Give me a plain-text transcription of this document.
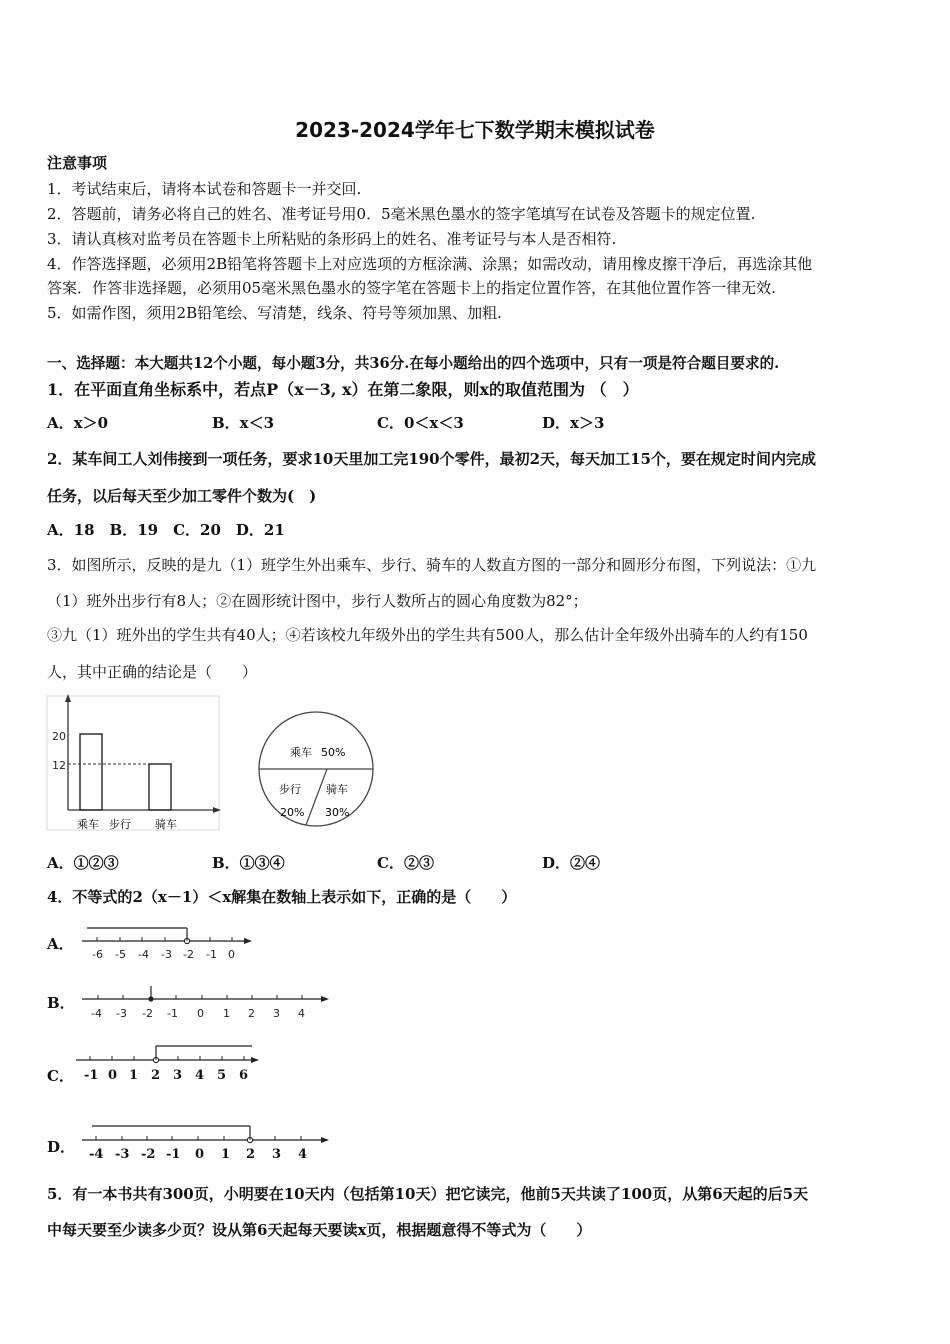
2023-2024学年七下数学期末模拟试卷
注意事项
1．考试结束后，请将本试卷和答题卡一并交回.
2．答题前，请务必将自己的姓名、准考证号用0．5毫米黑色墨水的签字笔填写在试卷及答题卡的规定位置.
3．请认真核对监考员在答题卡上所粘贴的条形码上的姓名、准考证号与本人是否相符.
4．作答选择题，必须用2B铅笔将答题卡上对应选项的方框涂满、涂黑；如需改动，请用橡皮擦干净后，再选涂其他
答案．作答非选择题，必须用05毫米黑色墨水的签字笔在答题卡上的指定位置作答，在其他位置作答一律无效.
5．如需作图，须用2B铅笔绘、写清楚，线条、符号等须加黑、加粗.
一、选择题：本大题共12个小题，每小题3分，共36分.在每小题给出的四个选项中，只有一项是符合题目要求的.
1．在平面直角坐标系中，若点P（x－3, x）在第二象限，则x的取值范围为 （　）
A．x＞0	B．x＜3	C．0＜x＜3	D．x＞3
2．某车间工人刘伟接到一项任务，要求10天里加工完190个零件，最初2天，每天加工15个，要在规定时间内完成
任务，以后每天至少加工零件个数为(　)
A．18　B．19　C．20　D．21
3．如图所示，反映的是九（1）班学生外出乘车、步行、骑车的人数直方图的一部分和圆形分布图，下列说法：①九
（1）班外出步行有8人；②在圆形统计图中，步行人数所占的圆心角度数为82°；
③九（1）班外出的学生共有40人；④若该校九年级外出的学生共有500人，那么估计全年级外出骑车的人约有150
人，其中正确的结论是（　　）
20
12
乘车 步行 骑车
乘车 50%
步行
20%
骑车
30%
A．①②③	B．①③④	C．②③	D．②④
4．不等式的2（x－1）＜x解集在数轴上表示如下，正确的是（　　）
A．
-6 -5 -4 -3 -2 -1 0
B．
-4 -3 -2 -1 0 1 2 3 4
C． -1 0 1 2 3 4 5 6
D． -4 -3 -2 -1 0 1 2 3 4
5．有一本书共有300页，小明要在10天内（包括第10天）把它读完，他前5天共读了100页，从第6天起的后5天
中每天要至少读多少页？设从第6天起每天要读x页，根据题意得不等式为（　　）
